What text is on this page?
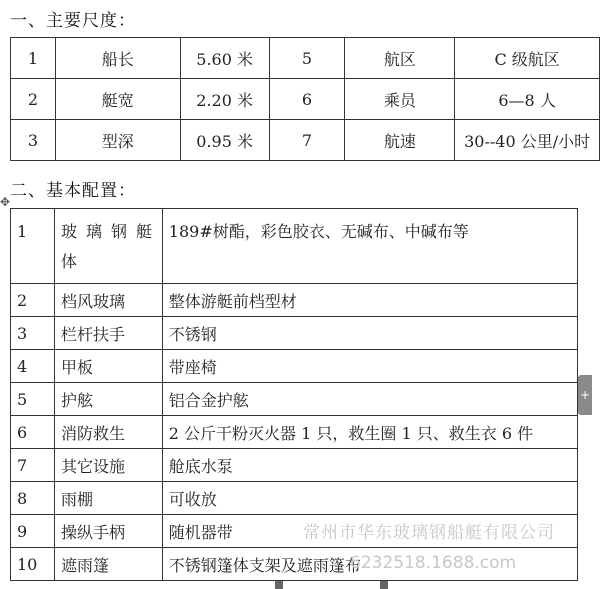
一、主要尺度：
1	船长	5.60 米	5	航区	C 级航区
2	艇宽	2.20 米	6	乘员	6—8 人
3	型深	0.95 米	7	航速	30--40 公里/小时
二、基本配置：
✥
1	玻璃钢艇体	189#树酯，彩色胶衣、无碱布、中碱布等
2	档风玻璃	整体游艇前档型材
3	栏杆扶手	不锈钢
4	甲板	带座椅
5	护舷	铝合金护舷
6	消防救生	2 公斤干粉灭火器 1 只，救生圈 1 只、救生衣 6 件
7	其它设施	舱底水泵
8	雨棚	可收放
9	操纵手柄	随机器带
10	遮雨篷	不锈钢篷体支架及遮雨篷布
常州市华东玻璃钢船艇有限公司
6232518.1688.com
+
